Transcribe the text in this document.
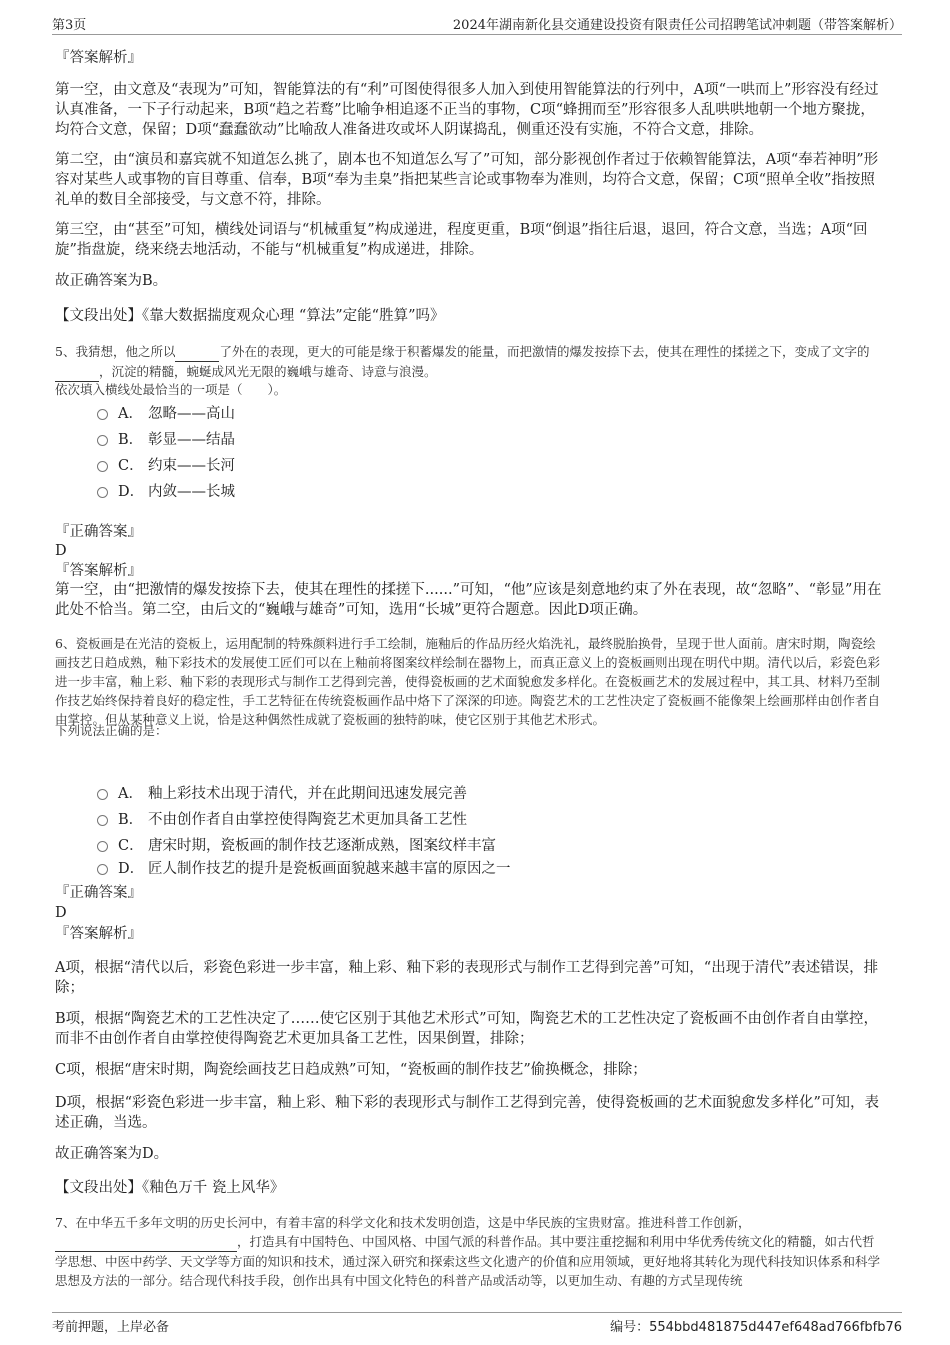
第3页	2024年湖南新化县交通建设投资有限责任公司招聘笔试冲刺题（带答案解析）
『答案解析』
第一空，由文意及“表现为”可知，智能算法的有“利”可图使得很多人加入到使用智能算法的行列中，A项“一哄而上”形容没有经过认真准备，一下子行动起来，B项“趋之若鹜”比喻争相追逐不正当的事物，C项“蜂拥而至”形容很多人乱哄哄地朝一个地方聚拢，均符合文意，保留；D项“蠢蠢欲动”比喻敌人准备进攻或坏人阴谋捣乱，侧重还没有实施，不符合文意，排除。
第二空，由“演员和嘉宾就不知道怎么挑了，剧本也不知道怎么写了”可知，部分影视创作者过于依赖智能算法，A项“奉若神明”形容对某些人或事物的盲目尊重、信奉，B项“奉为圭臬”指把某些言论或事物奉为准则，均符合文意，保留；C项“照单全收”指按照礼单的数目全部接受，与文意不符，排除。
第三空，由“甚至”可知，横线处词语与“机械重复”构成递进，程度更重，B项“倒退”指往后退，退回，符合文意，当选；A项“回旋”指盘旋，绕来绕去地活动，不能与“机械重复”构成递进，排除。
故正确答案为B。
【文段出处】《靠大数据揣度观众心理 “算法”定能“胜算”吗》
5、我猜想，他之所以	了外在的表现，更大的可能是缘于积蓄爆发的能量，而把激情的爆发按捺下去，使其在理性的揉搓之下，变成了文字的 ，沉淀的精髓，蜿蜒成风光无限的巍峨与雄奇、诗意与浪漫。
依次填入横线处最恰当的一项是（　　）。
A． 忽略——高山
B． 彰显——结晶
C． 约束——长河
D． 内敛——长城
『正确答案』
D
『答案解析』
第一空，由“把激情的爆发按捺下去，使其在理性的揉搓下......”可知，“他”应该是刻意地约束了外在表现，故“忽略”、“彰显”用在此处不恰当。第二空，由后文的“巍峨与雄奇”可知，选用“长城”更符合题意。因此D项正确。
6、瓷板画是在光洁的瓷板上，运用配制的特殊颜料进行手工绘制，施釉后的作品历经火焰洗礼，最终脱胎换骨，呈现于世人面前。唐宋时期，陶瓷绘画技艺日趋成熟，釉下彩技术的发展使工匠们可以在上釉前将图案纹样绘制在器物上，而真正意义上的瓷板画则出现在明代中期。清代以后，彩瓷色彩进一步丰富，釉上彩、釉下彩的表现形式与制作工艺得到完善，使得瓷板画的艺术面貌愈发多样化。在瓷板画艺术的发展过程中，其工具、材料乃至制作技艺始终保持着良好的稳定性，手工艺特征在传统瓷板画作品中烙下了深深的印迹。陶瓷艺术的工艺性决定了瓷板画不能像架上绘画那样由创作者自由掌控。但从某种意义上说，恰是这种偶然性成就了瓷板画的独特韵味，使它区别于其他艺术形式。
下列说法正确的是：
A． 釉上彩技术出现于清代，并在此期间迅速发展完善
B． 不由创作者自由掌控使得陶瓷艺术更加具备工艺性
C． 唐宋时期，瓷板画的制作技艺逐渐成熟，图案纹样丰富
D． 匠人制作技艺的提升是瓷板画面貌越来越丰富的原因之一
『正确答案』
D
『答案解析』
A项，根据“清代以后，彩瓷色彩进一步丰富，釉上彩、釉下彩的表现形式与制作工艺得到完善”可知，“出现于清代”表述错误，排除；
B项，根据“陶瓷艺术的工艺性决定了……使它区别于其他艺术形式”可知，陶瓷艺术的工艺性决定了瓷板画不由创作者自由掌控，而非不由创作者自由掌控使得陶瓷艺术更加具备工艺性，因果倒置，排除；
C项，根据“唐宋时期，陶瓷绘画技艺日趋成熟”可知，“瓷板画的制作技艺”偷换概念，排除；
D项，根据“彩瓷色彩进一步丰富，釉上彩、釉下彩的表现形式与制作工艺得到完善，使得瓷板画的艺术面貌愈发多样化”可知，表述正确，当选。
故正确答案为D。
【文段出处】《釉色万千 瓷上风华》
7、在中华五千多年文明的历史长河中，有着丰富的科学文化和技术发明创造，这是中华民族的宝贵财富。推进科普工作创新， ，打造具有中国特色、中国风格、中国气派的科普作品。其中要注重挖掘和利用中华优秀传统文化的精髓，如古代哲学思想、中医中药学、天文学等方面的知识和技术，通过深入研究和探索这些文化遗产的价值和应用领域，更好地将其转化为现代科技知识体系和科学思想及方法的一部分。结合现代科技手段，创作出具有中国文化特色的科普产品或活动等，以更加生动、有趣的方式呈现传统
考前押题，上岸必备	编号：554bbd481875d447ef648ad766fbfb76
